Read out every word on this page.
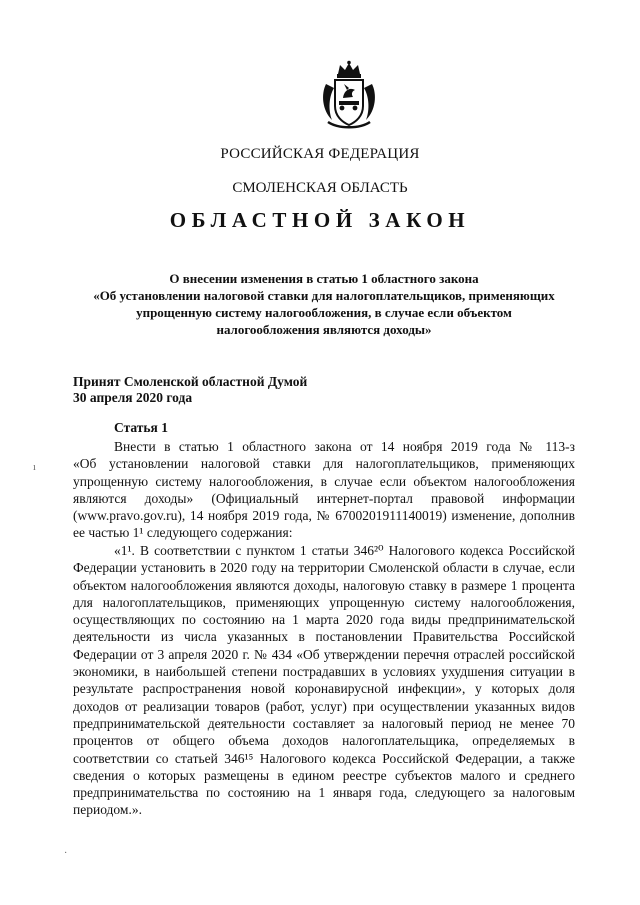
РОССИЙСКАЯ ФЕДЕРАЦИЯ
СМОЛЕНСКАЯ ОБЛАСТЬ
ОБЛАСТНОЙ ЗАКОН
О внесении изменения в статью 1 областного закона
«Об установлении налоговой ставки для налогоплательщиков, применяющих
упрощенную систему налогообложения, в случае если объектом
налогообложения являются доходы»
Принят Смоленской областной Думой
30 апреля 2020 года
Статья 1
Внести в статью 1 областного закона от 14 ноября 2019 года № 113-з
«Об установлении налоговой ставки для налогоплательщиков, применяющих
упрощенную систему налогообложения, в случае если объектом налогообложения
являются доходы» (Официальный интернет-портал правовой информации
(www.pravo.gov.ru), 14 ноября 2019 года, № 6700201911140019) изменение, дополнив
ее частью 1¹ следующего содержания:
«1¹. В соответствии с пунктом 1 статьи 346²⁰ Налогового кодекса Российской
Федерации установить в 2020 году на территории Смоленской области в случае, если
объектом налогообложения являются доходы, налоговую ставку в размере 1 процента
для налогоплательщиков, применяющих упрощенную систему налогообложения,
осуществляющих по состоянию на 1 марта 2020 года виды предпринимательской
деятельности из числа указанных в постановлении Правительства Российской
Федерации от 3 апреля 2020 г. № 434 «Об утверждении перечня отраслей российской
экономики, в наибольшей степени пострадавших в условиях ухудшения ситуации в
результате распространения новой коронавирусной инфекции», у которых доля
доходов от реализации товаров (работ, услуг) при осуществлении указанных видов
предпринимательской деятельности составляет за налоговый период не менее 70
процентов от общего объема доходов налогоплательщика, определяемых в
соответствии со статьей 346¹⁵ Налогового кодекса Российской Федерации, а также
сведения о которых размещены в едином реестре субъектов малого и среднего
предпринимательства по состоянию на 1 января года, следующего за налоговым
периодом.».
ı
·
